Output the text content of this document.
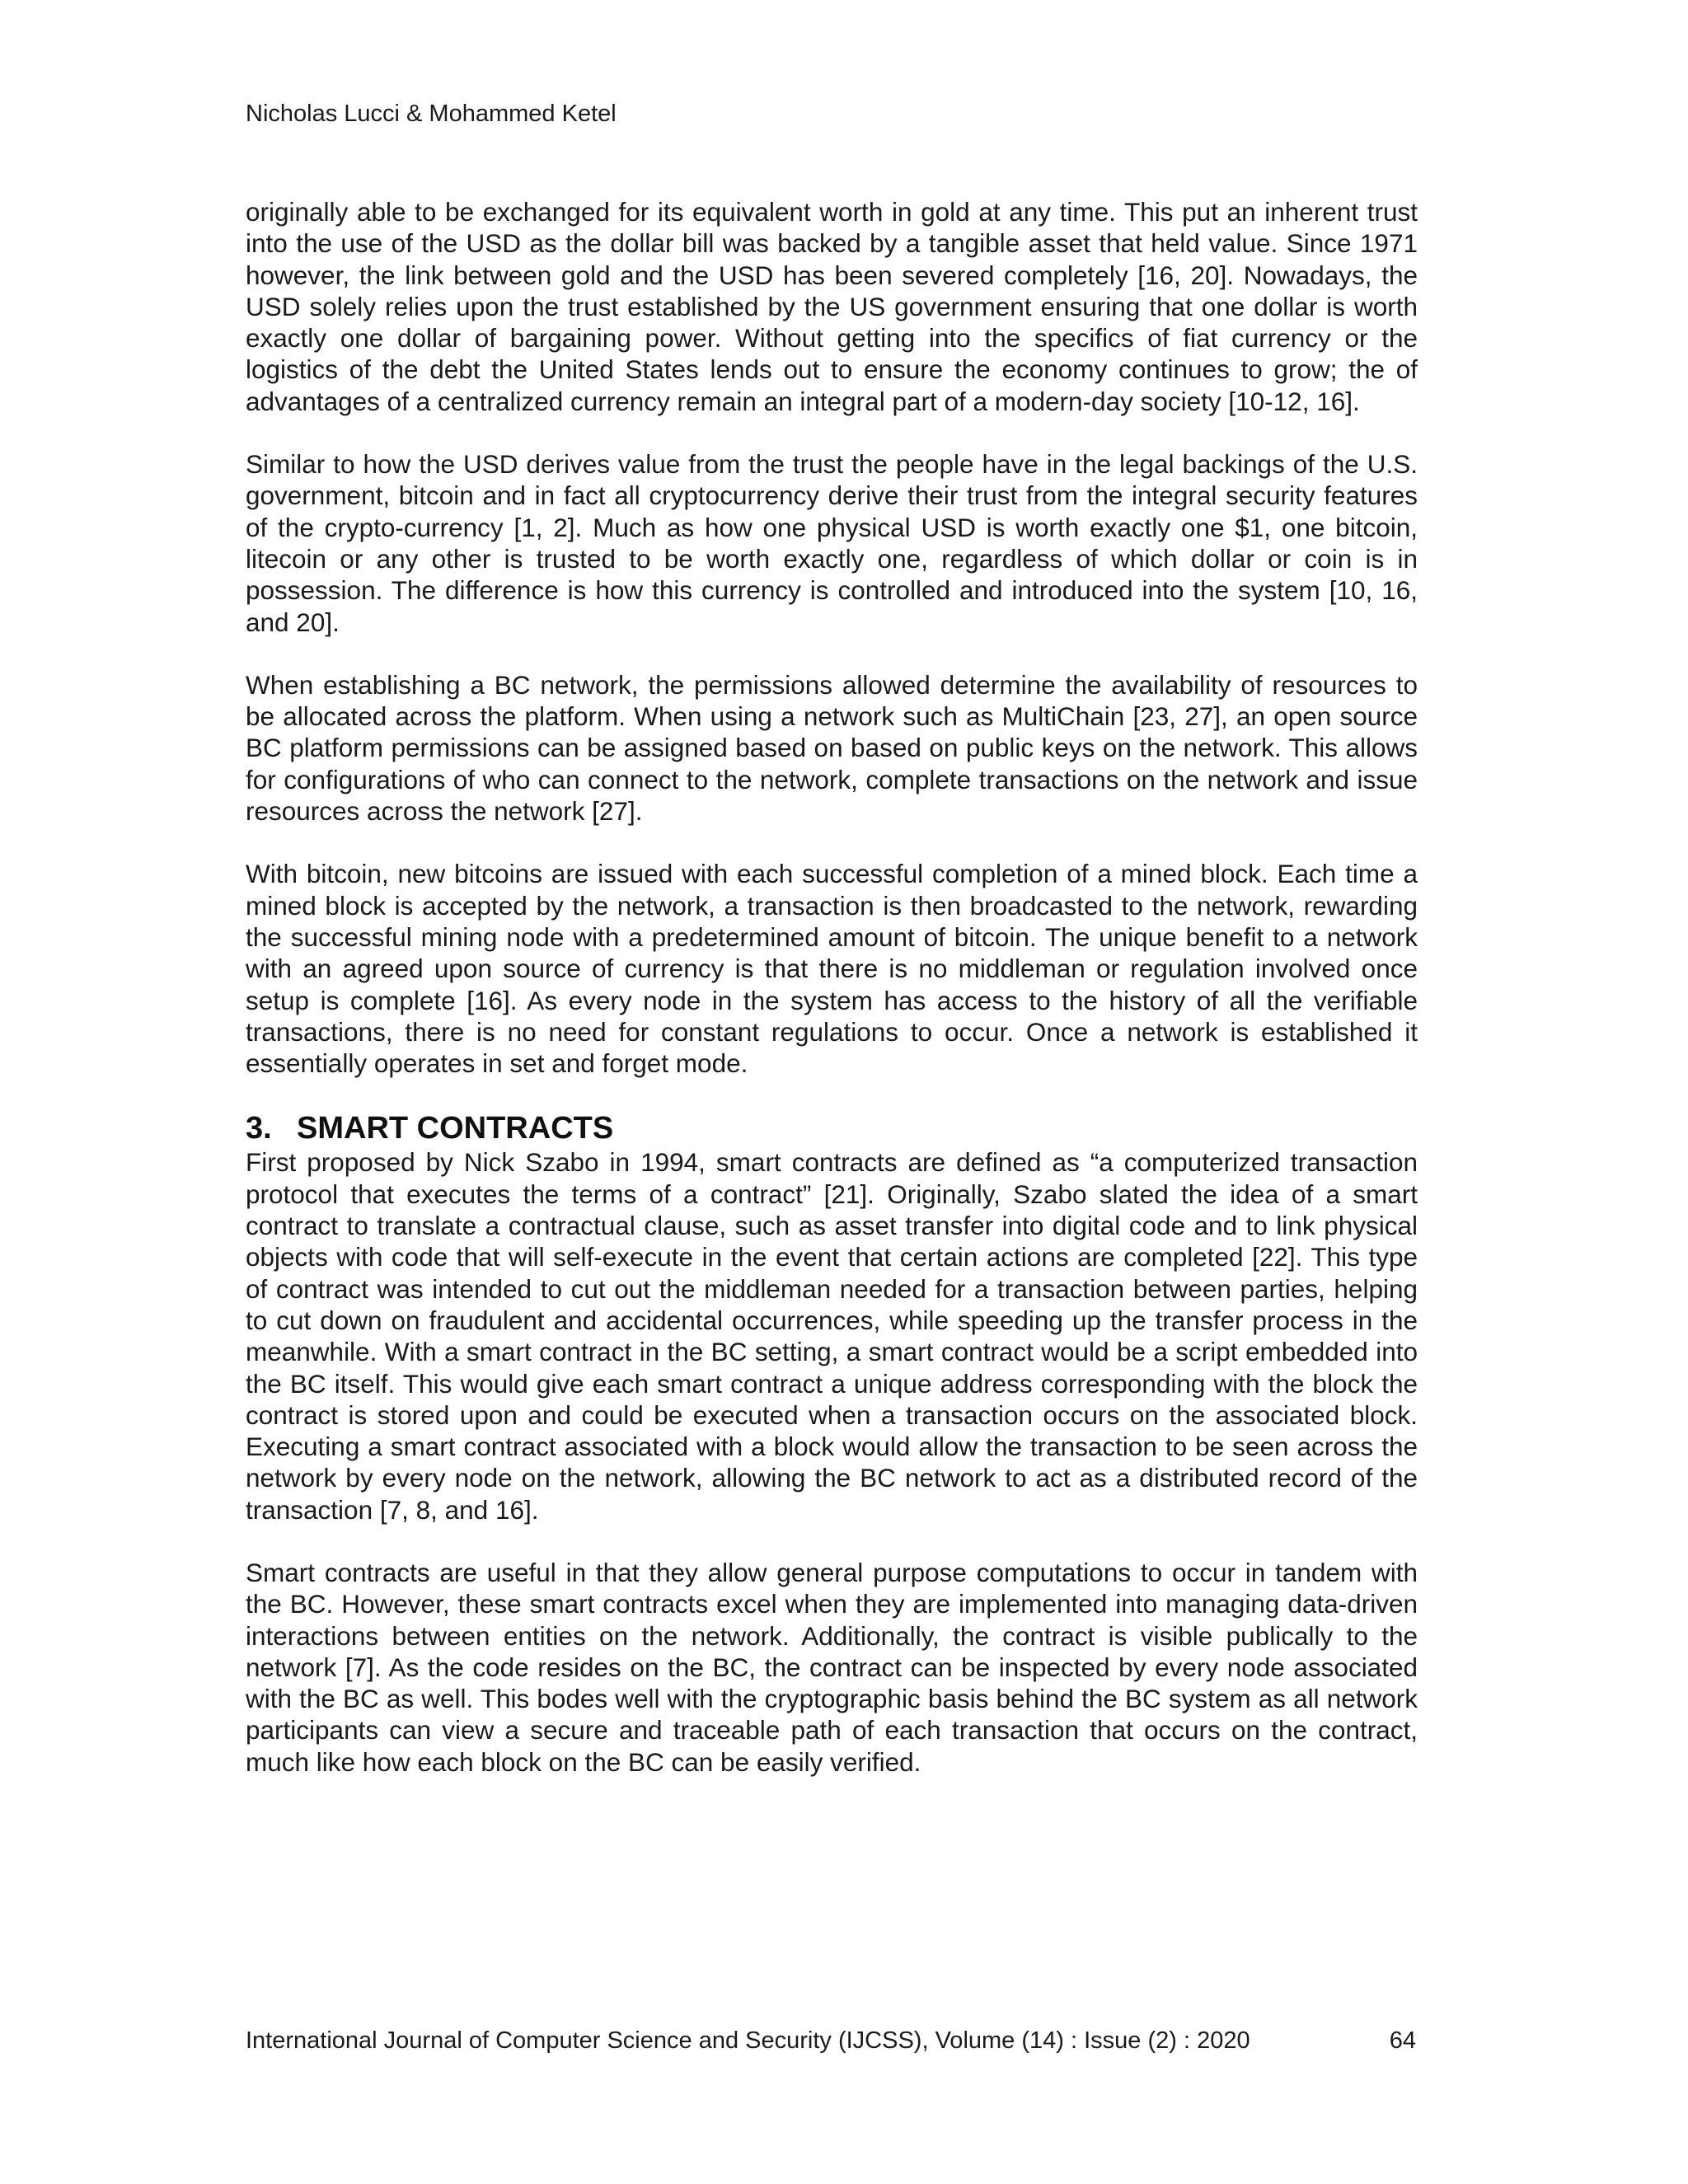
Nicholas Lucci & Mohammed Ketel

originally able to be exchanged for its equivalent worth in gold at any time. This put an inherent trust into the use of the USD as the dollar bill was backed by a tangible asset that held value. Since 1971 however, the link between gold and the USD has been severed completely [16, 20]. Nowadays, the USD solely relies upon the trust established by the US government ensuring that one dollar is worth exactly one dollar of bargaining power. Without getting into the specifics of fiat currency or the logistics of the debt the United States lends out to ensure the economy continues to grow; the of advantages of a centralized currency remain an integral part of a modern-day society [10-12, 16].

Similar to how the USD derives value from the trust the people have in the legal backings of the U.S. government, bitcoin and in fact all cryptocurrency derive their trust from the integral security features of the crypto-currency [1, 2]. Much as how one physical USD is worth exactly one $1, one bitcoin, litecoin or any other is trusted to be worth exactly one, regardless of which dollar or coin is in possession. The difference is how this currency is controlled and introduced into the system [10, 16, and 20].

When establishing a BC network, the permissions allowed determine the availability of resources to be allocated across the platform. When using a network such as MultiChain [23, 27], an open source BC platform permissions can be assigned based on based on public keys on the network. This allows for configurations of who can connect to the network, complete transactions on the network and issue resources across the network [27].

With bitcoin, new bitcoins are issued with each successful completion of a mined block. Each time a mined block is accepted by the network, a transaction is then broadcasted to the network, rewarding the successful mining node with a predetermined amount of bitcoin. The unique benefit to a network with an agreed upon source of currency is that there is no middleman or regulation involved once setup is complete [16]. As every node in the system has access to the history of all the verifiable transactions, there is no need for constant regulations to occur. Once a network is established it essentially operates in set and forget mode.

3. SMART CONTRACTS

First proposed by Nick Szabo in 1994, smart contracts are defined as “a computerized transaction protocol that executes the terms of a contract” [21]. Originally, Szabo slated the idea of a smart contract to translate a contractual clause, such as asset transfer into digital code and to link physical objects with code that will self-execute in the event that certain actions are completed [22]. This type of contract was intended to cut out the middleman needed for a transaction between parties, helping to cut down on fraudulent and accidental occurrences, while speeding up the transfer process in the meanwhile. With a smart contract in the BC setting, a smart contract would be a script embedded into the BC itself. This would give each smart contract a unique address corresponding with the block the contract is stored upon and could be executed when a transaction occurs on the associated block. Executing a smart contract associated with a block would allow the transaction to be seen across the network by every node on the network, allowing the BC network to act as a distributed record of the transaction [7, 8, and 16].

Smart contracts are useful in that they allow general purpose computations to occur in tandem with the BC. However, these smart contracts excel when they are implemented into managing data-driven interactions between entities on the network. Additionally, the contract is visible publically to the network [7]. As the code resides on the BC, the contract can be inspected by every node associated with the BC as well. This bodes well with the cryptographic basis behind the BC system as all network participants can view a secure and traceable path of each transaction that occurs on the contract, much like how each block on the BC can be easily verified.

International Journal of Computer Science and Security (IJCSS), Volume (14) : Issue (2) : 2020	64
